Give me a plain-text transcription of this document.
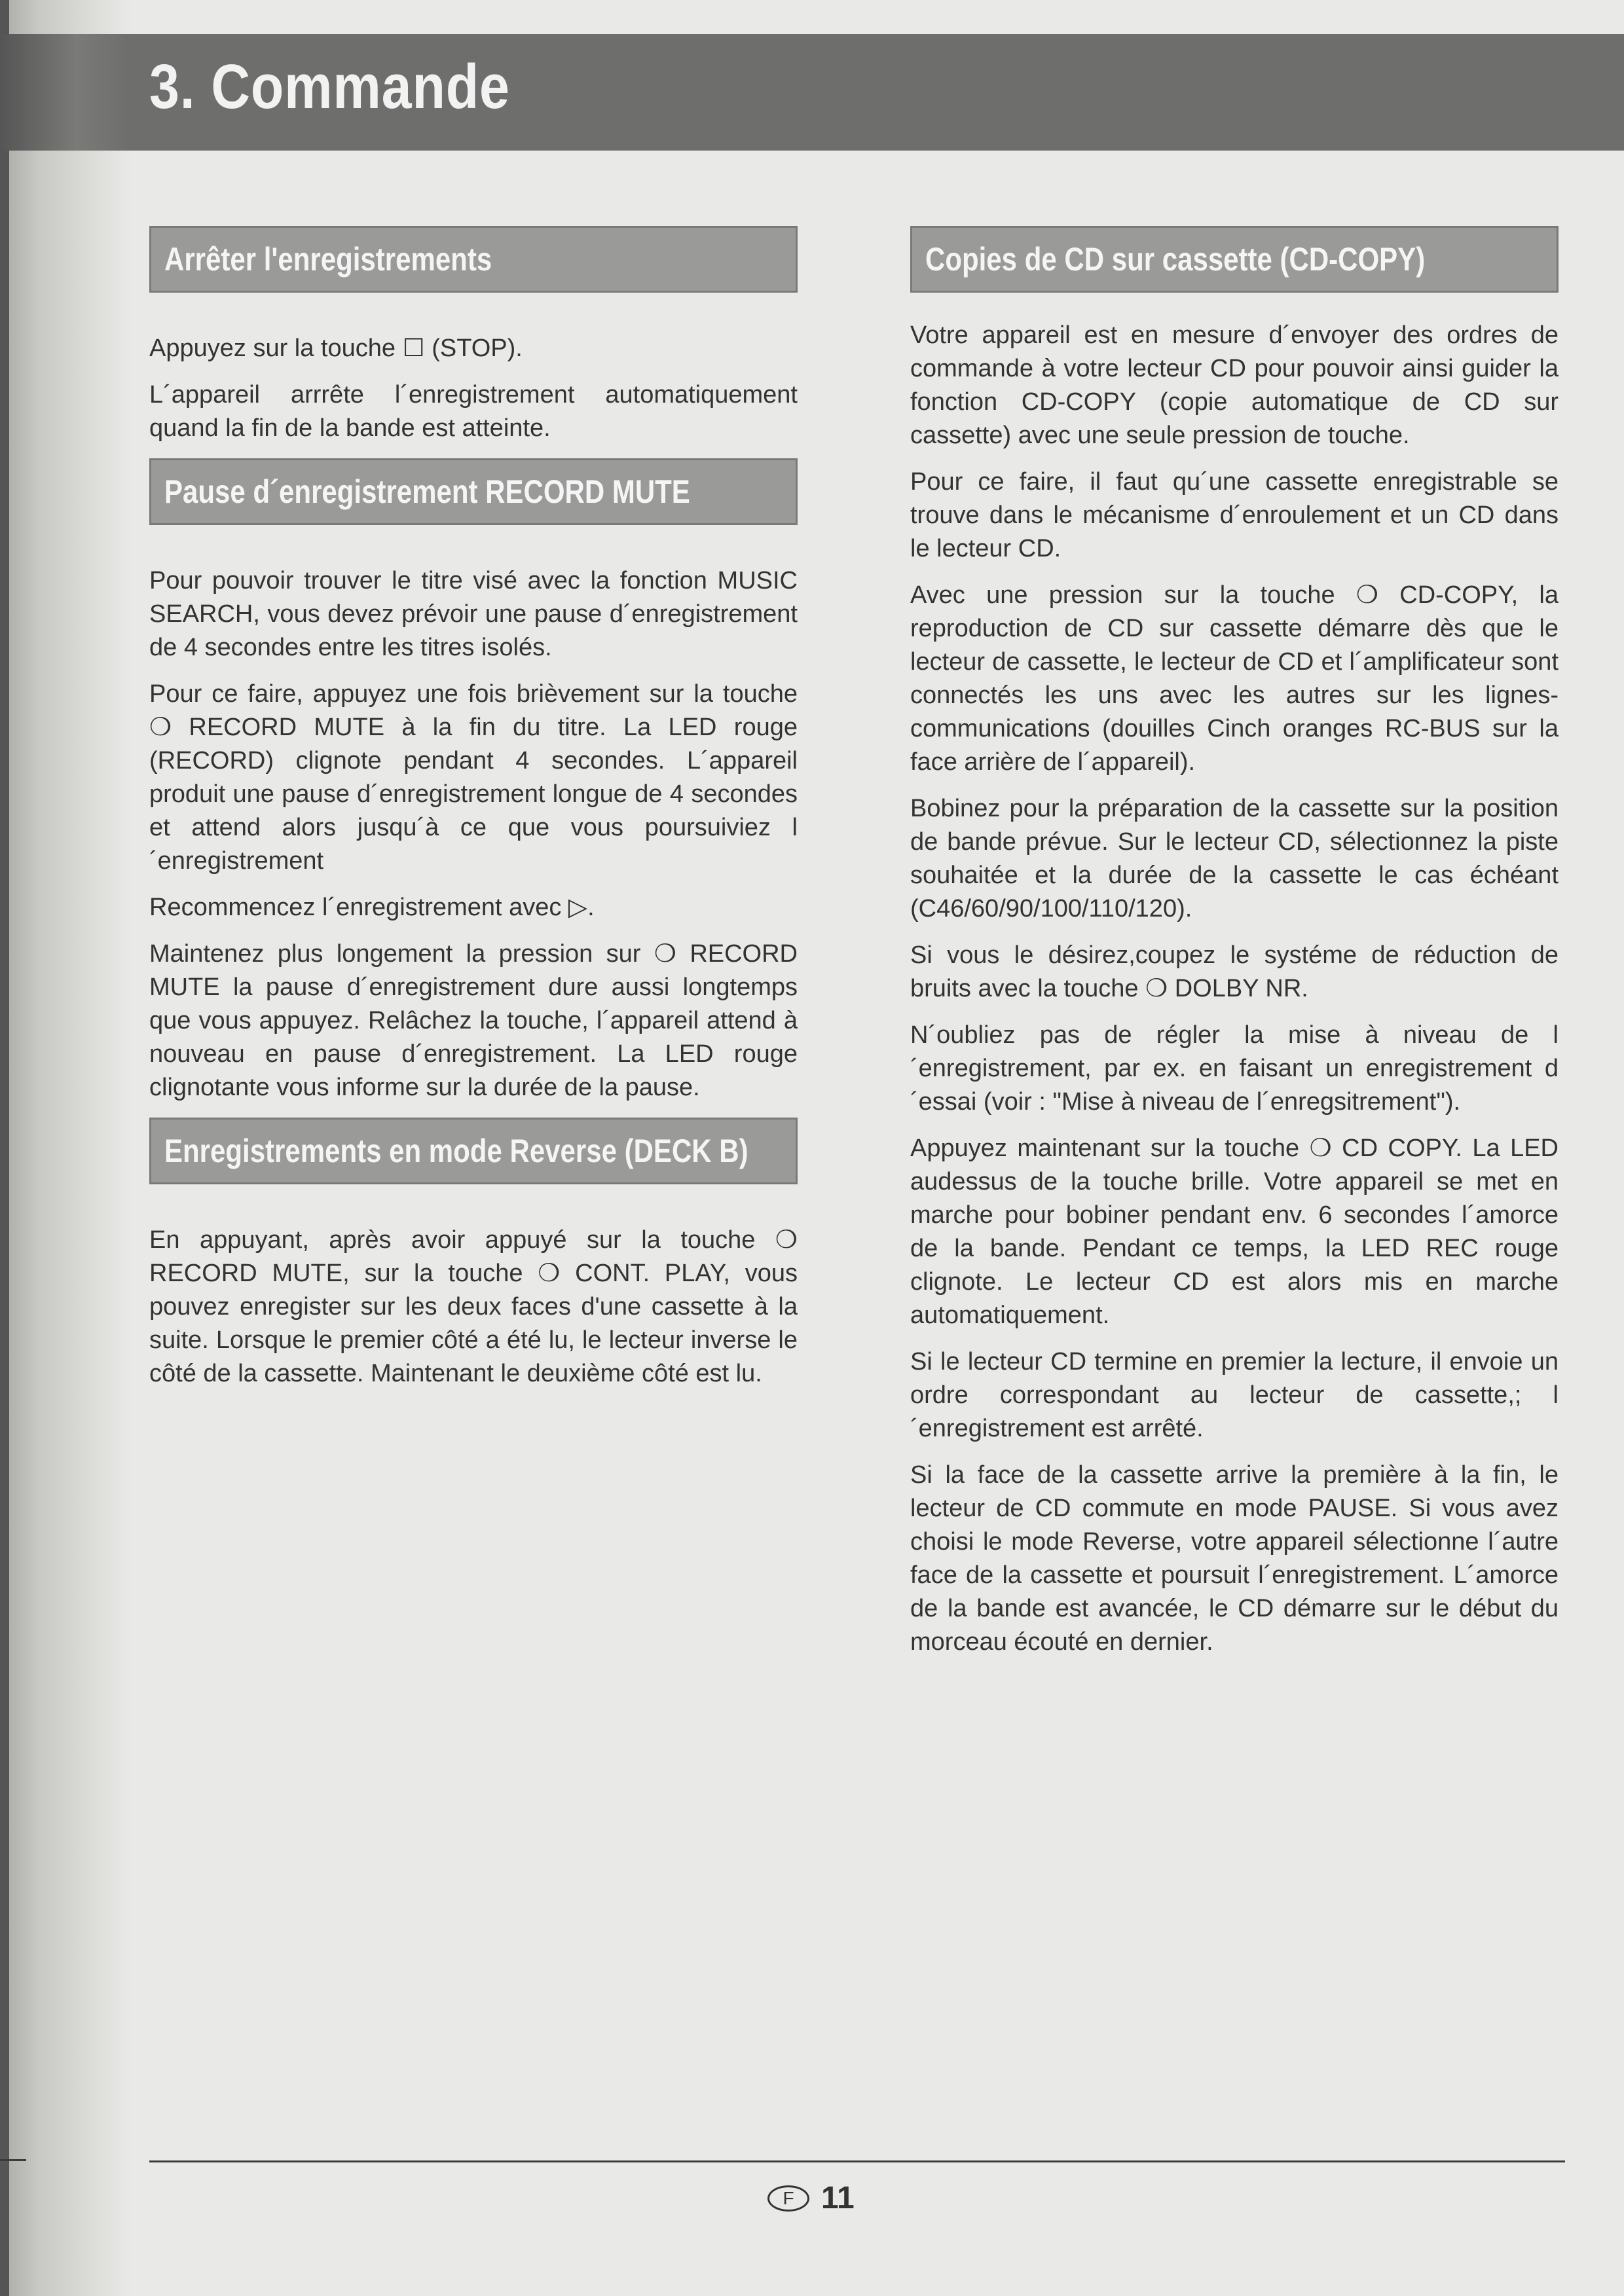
3. Commande
Arrêter l'enregistrements

Appuyez sur la touche ☐ (STOP).

L´appareil arrrête l´enregistrement automatiquement quand la fin de la bande est atteinte.

Pause d´enregistrement RECORD MUTE

Pour pouvoir trouver le titre visé avec la fonction MUSIC SEARCH, vous devez prévoir une pause d´enregistrement de 4 secondes entre les titres isolés.

Pour ce faire, appuyez une fois brièvement sur la touche ❍ RECORD MUTE à la fin du titre. La LED rouge (RECORD) clignote pendant 4 secondes. L´appareil produit une pause d´enregistrement longue de 4 secondes et attend alors jusqu´à ce que vous poursuiviez l´enregistrement

Recommencez l´enregistrement avec ▷.

Maintenez plus longement la pression sur ❍ RECORD MUTE la pause d´enregistrement dure aussi longtemps que vous appuyez. Relâchez la touche, l´appareil attend à nouveau en pause d´enregistrement. La LED rouge clignotante vous informe sur la durée de la pause.

Enregistrements en mode Reverse (DECK B)

En appuyant, après avoir appuyé sur la touche ❍ RECORD MUTE, sur la touche ❍ CONT. PLAY, vous pouvez enregister sur les deux faces d'une cassette à la suite. Lorsque le premier côté a été lu, le lecteur inverse le côté de la cassette. Maintenant le deuxième côté est lu.

Copies de CD sur cassette (CD-COPY)

Votre appareil est en mesure d´envoyer des ordres de commande à votre lecteur CD pour pouvoir ainsi guider la fonction CD-COPY (copie automatique de CD sur cassette) avec une seule pression de touche.

Pour ce faire, il faut qu´une cassette enregistrable se trouve dans le mécanisme d´enroulement et un CD dans le lecteur CD.

Avec une pression sur la touche ❍ CD-COPY, la reproduction de CD sur cassette démarre dès que le lecteur de cassette, le lecteur de CD et l´amplificateur sont connectés les uns avec les autres sur les lignes-communications (douilles Cinch oranges RC-BUS sur la face arrière de l´appareil).

Bobinez pour la préparation de la cassette sur la position de bande prévue. Sur le lecteur CD, sélectionnez la piste souhaitée et la durée de la cassette le cas échéant (C46/60/90/100/110/120).

Si vous le désirez,coupez le systéme de réduction de bruits avec la touche ❍ DOLBY NR.

N´oubliez pas de régler la mise à niveau de l´enregistrement, par ex. en faisant un enregistrement d´essai (voir : "Mise à niveau de l´enregsitrement").

Appuyez maintenant sur la touche ❍ CD COPY. La LED audessus de la touche brille. Votre appareil se met en marche pour bobiner pendant env. 6 secondes l´amorce de la bande. Pendant ce temps, la LED REC rouge clignote. Le lecteur CD est alors mis en marche automatiquement.

Si le lecteur CD termine en premier la lecture, il envoie un ordre correspondant au lecteur de cassette,; l´enregistrement est arrêté.

Si la face de la cassette arrive la première à la fin, le lecteur de CD commute en mode PAUSE. Si vous avez choisi le mode Reverse, votre appareil sélectionne l´autre face de la cassette et poursuit l´enregistrement. L´amorce de la bande est avancée, le CD démarre sur le début du morceau écouté en dernier.

F 11
